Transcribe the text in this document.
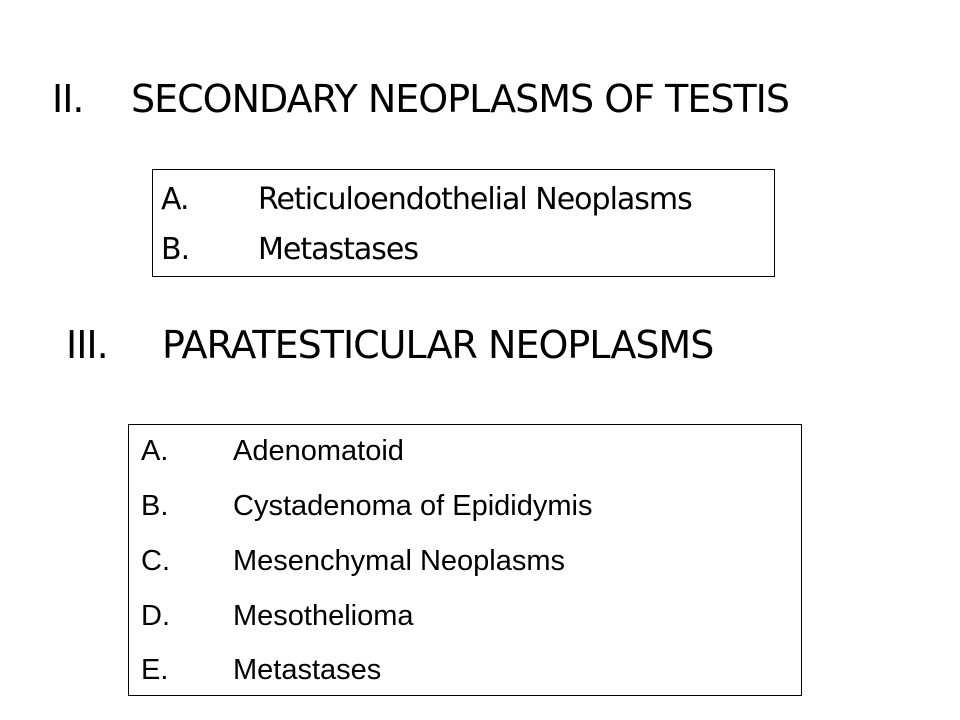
II. SECONDARY NEOPLASMS OF TESTIS
A. Reticuloendothelial Neoplasms
B. Metastases
III. PARATESTICULAR NEOPLASMS
A. Adenomatoid
B. Cystadenoma of Epididymis
C. Mesenchymal Neoplasms
D. Mesothelioma
E. Metastases
